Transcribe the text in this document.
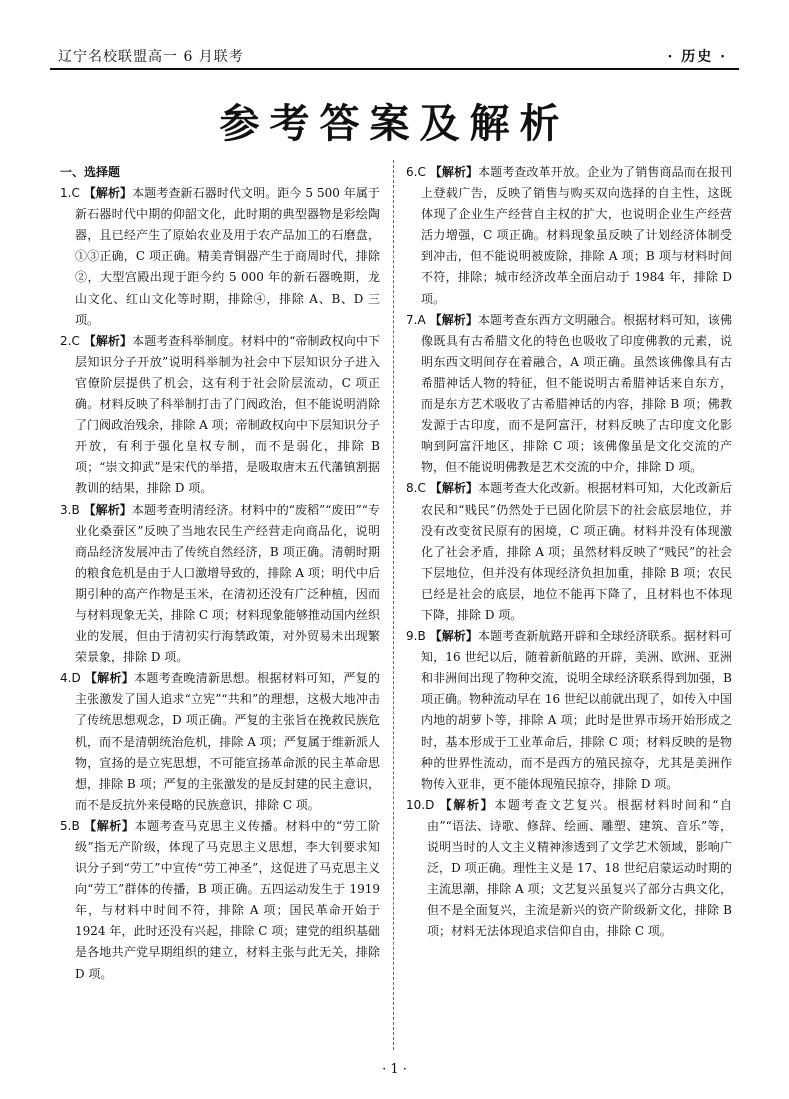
辽宁名校联盟高一 6 月联考	· 历史 ·
参考答案及解析

一、选择题

1.C 【解析】本题考查新石器时代文明。距今 5 500 年属于新石器时代中期的仰韶文化，此时期的典型器物是彩绘陶器，且已经产生了原始农业及用于农产品加工的石磨盘，①③正确，C 项正确。精美青铜器产生于商周时代，排除②，大型宫殿出现于距今约 5 000 年的新石器晚期，龙山文化、红山文化等时期，排除④，排除 A、B、D 三项。

2.C 【解析】本题考查科举制度。材料中的“帝制政权向中下层知识分子开放”说明科举制为社会中下层知识分子进入官僚阶层提供了机会，这有利于社会阶层流动，C 项正确。材料反映了科举制打击了门阀政治，但不能说明消除了门阀政治残余，排除 A 项；帝制政权向中下层知识分子开放，有利于强化皇权专制，而不是弱化，排除 B 项；“崇文抑武”是宋代的举措，是吸取唐末五代藩镇割据教训的结果，排除 D 项。

3.B 【解析】本题考查明清经济。材料中的“废稻”“废田”“专业化桑蚕区”反映了当地农民生产经营走向商品化，说明商品经济发展冲击了传统自然经济，B 项正确。清朝时期的粮食危机是由于人口激增导致的，排除 A 项；明代中后期引种的高产作物是玉米，在清初还没有广泛种植，因而与材料现象无关，排除 C 项；材料现象能够推动国内丝织业的发展，但由于清初实行海禁政策，对外贸易未出现繁荣景象，排除 D 项。

4.D 【解析】本题考查晚清新思想。根据材料可知，严复的主张激发了国人追求“立宪”“共和”的理想，这极大地冲击了传统思想观念，D 项正确。严复的主张旨在挽救民族危机，而不是清朝统治危机，排除 A 项；严复属于维新派人物，宣扬的是立宪思想，不可能宣扬革命派的民主革命思想，排除 B 项；严复的主张激发的是反封建的民主意识，而不是反抗外来侵略的民族意识，排除 C 项。

5.B 【解析】本题考查马克思主义传播。材料中的“劳工阶级”指无产阶级，体现了马克思主义思想，李大钊要求知识分子到“劳工”中宣传“劳工神圣”，这促进了马克思主义向“劳工”群体的传播，B 项正确。五四运动发生于 1919 年，与材料中时间不符，排除 A 项；国民革命开始于 1924 年，此时还没有兴起，排除 C 项；建党的组织基础是各地共产党早期组织的建立，材料主张与此无关，排除 D 项。

6.C 【解析】本题考查改革开放。企业为了销售商品而在报刊上登载广告，反映了销售与购买双向选择的自主性，这既体现了企业生产经营自主权的扩大，也说明企业生产经营活力增强，C 项正确。材料现象虽反映了计划经济体制受到冲击，但不能说明被废除，排除 A 项；B 项与材料时间不符，排除；城市经济改革全面启动于 1984 年，排除 D 项。

7.A 【解析】本题考查东西方文明融合。根据材料可知，该佛像既具有古希腊文化的特色也吸收了印度佛教的元素，说明东西文明间存在着融合，A 项正确。虽然该佛像具有古希腊神话人物的特征，但不能说明古希腊神话来自东方，而是东方艺术吸收了古希腊神话的内容，排除 B 项；佛教发源于古印度，而不是阿富汗，材料反映了古印度文化影响到阿富汗地区，排除 C 项；该佛像虽是文化交流的产物，但不能说明佛教是艺术交流的中介，排除 D 项。

8.C 【解析】本题考查大化改新。根据材料可知，大化改新后农民和“贱民”仍然处于已固化阶层下的社会底层地位，并没有改变贫民原有的困境，C 项正确。材料并没有体现激化了社会矛盾，排除 A 项；虽然材料反映了“贱民”的社会下层地位，但并没有体现经济负担加重，排除 B 项；农民已经是社会的底层，地位不能再下降了，且材料也不体现下降，排除 D 项。

9.B 【解析】本题考查新航路开辟和全球经济联系。据材料可知，16 世纪以后，随着新航路的开辟，美洲、欧洲、亚洲和非洲间出现了物种交流，说明全球经济联系得到加强，B 项正确。物种流动早在 16 世纪以前就出现了，如传入中国内地的胡萝卜等，排除 A 项；此时是世界市场开始形成之时，基本形成于工业革命后，排除 C 项；材料反映的是物种的世界性流动，而不是西方的殖民掠夺，尤其是美洲作物传入亚非，更不能体现殖民掠夺，排除 D 项。

10.D 【解析】本题考查文艺复兴。根据材料时间和“自由”“语法、诗歌、修辞、绘画、雕塑、建筑、音乐”等，说明当时的人文主义精神渗透到了文学艺术领域，影响广泛，D 项正确。理性主义是 17、18 世纪启蒙运动时期的主流思潮，排除 A 项；文艺复兴虽复兴了部分古典文化，但不是全面复兴，主流是新兴的资产阶级新文化，排除 B 项；材料无法体现追求信仰自由，排除 C 项。

· 1 ·
